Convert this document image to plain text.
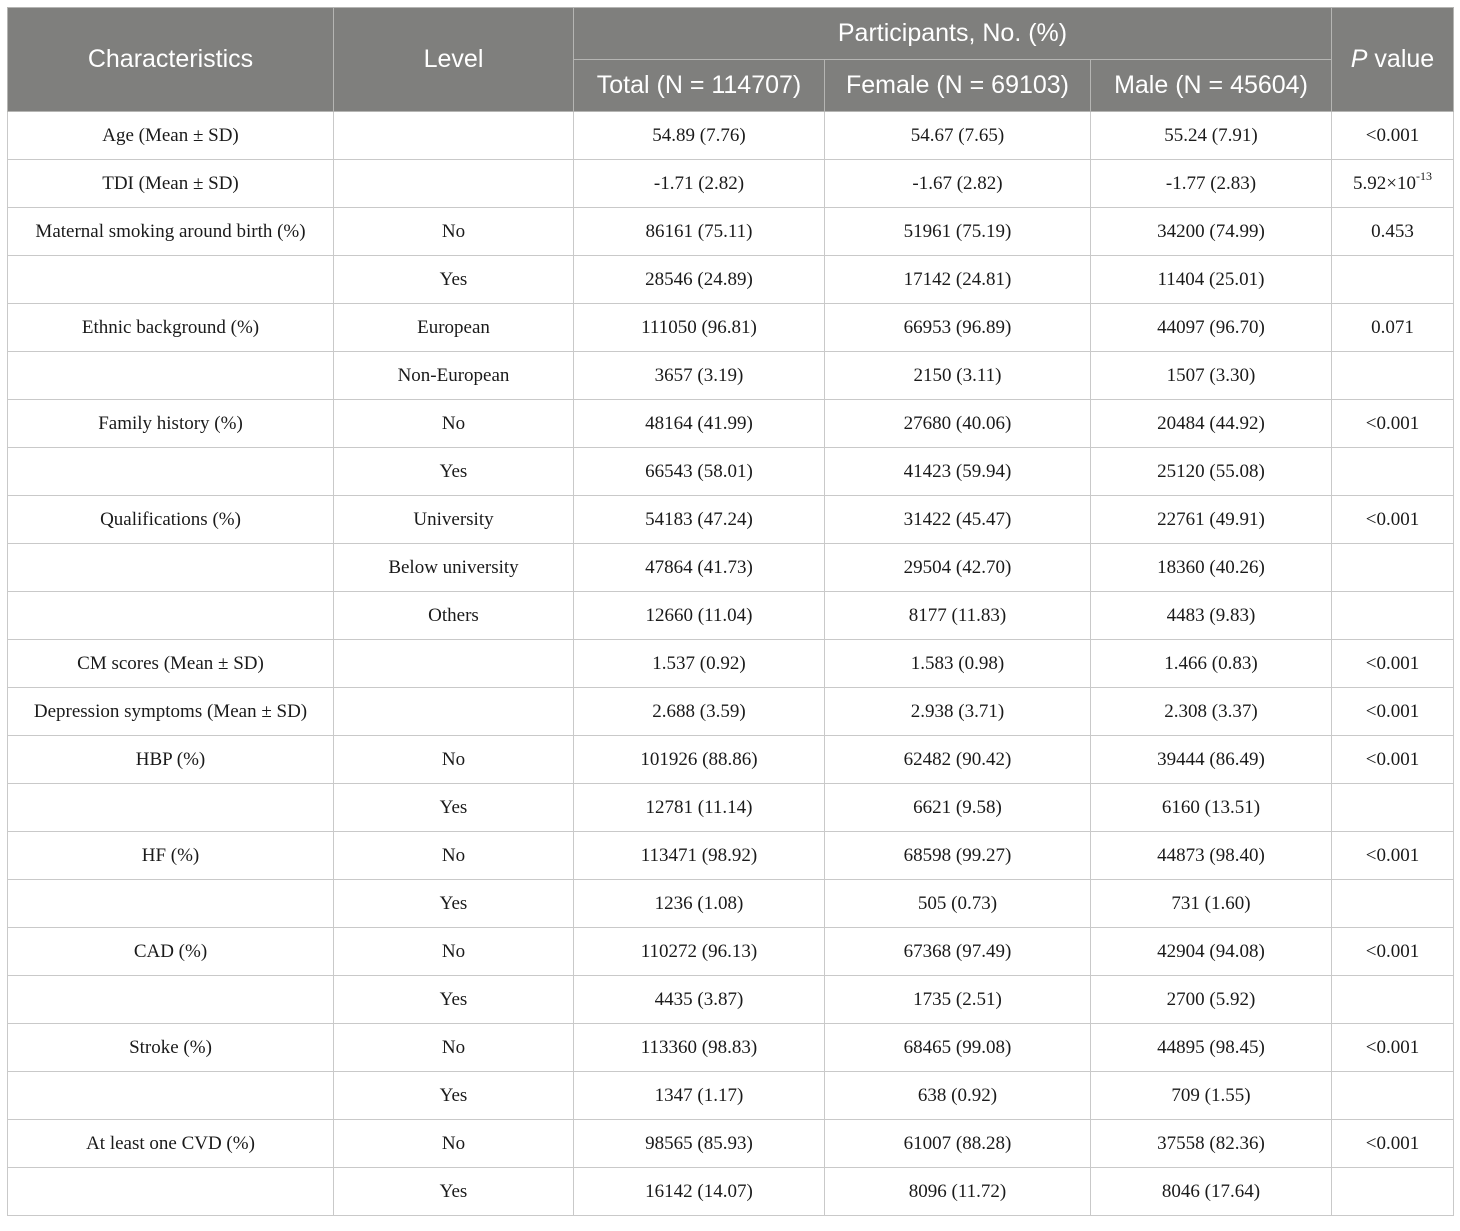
Characteristics	Level	Participants, No. (%)			P value
		Total (N = 114707)	Female (N = 69103)	Male (N = 45604)	
Age (Mean ± SD)		54.89 (7.76)	54.67 (7.65)	55.24 (7.91)	<0.001
TDI (Mean ± SD)		-1.71 (2.82)	-1.67 (2.82)	-1.77 (2.83)	$5.92\times 10^{-13}$
Maternal smoking around birth (%)	No	86161 (75.11)	51961 (75.19)	34200 (74.99)	0.453
	Yes	28546 (24.89)	17142 (24.81)	11404 (25.01)	
Ethnic background (%)	European	111050 (96.81)	66953 (96.89)	44097 (96.70)	0.071
	Non-European	3657 (3.19)	2150 (3.11)	1507 (3.30)	
Family history (%)	No	48164 (41.99)	27680 (40.06)	20484 (44.92)	<0.001
	Yes	66543 (58.01)	41423 (59.94)	25120 (55.08)	
Qualifications (%)	University	54183 (47.24)	31422 (45.47)	22761 (49.91)	<0.001
	Below university	47864 (41.73)	29504 (42.70)	18360 (40.26)	
	Others	12660 (11.04)	8177 (11.83)	4483 (9.83)	
CM scores (Mean ± SD)		1.537 (0.92)	1.583 (0.98)	1.466 (0.83)	<0.001
Depression symptoms (Mean ± SD)		2.688 (3.59)	2.938 (3.71)	2.308 (3.37)	<0.001
HBP (%)	No	101926 (88.86)	62482 (90.42)	39444 (86.49)	<0.001
	Yes	12781 (11.14)	6621 (9.58)	6160 (13.51)	
HF (%)	No	113471 (98.92)	68598 (99.27)	44873 (98.40)	<0.001
	Yes	1236 (1.08)	505 (0.73)	731 (1.60)	
CAD (%)	No	110272 (96.13)	67368 (97.49)	42904 (94.08)	<0.001
	Yes	4435 (3.87)	1735 (2.51)	2700 (5.92)	
Stroke (%)	No	113360 (98.83)	68465 (99.08)	44895 (98.45)	<0.001
	Yes	1347 (1.17)	638 (0.92)	709 (1.55)	
At least one CVD (%)	No	98565 (85.93)	61007 (88.28)	37558 (82.36)	<0.001
	Yes	16142 (14.07)	8096 (11.72)	8046 (17.64)	
